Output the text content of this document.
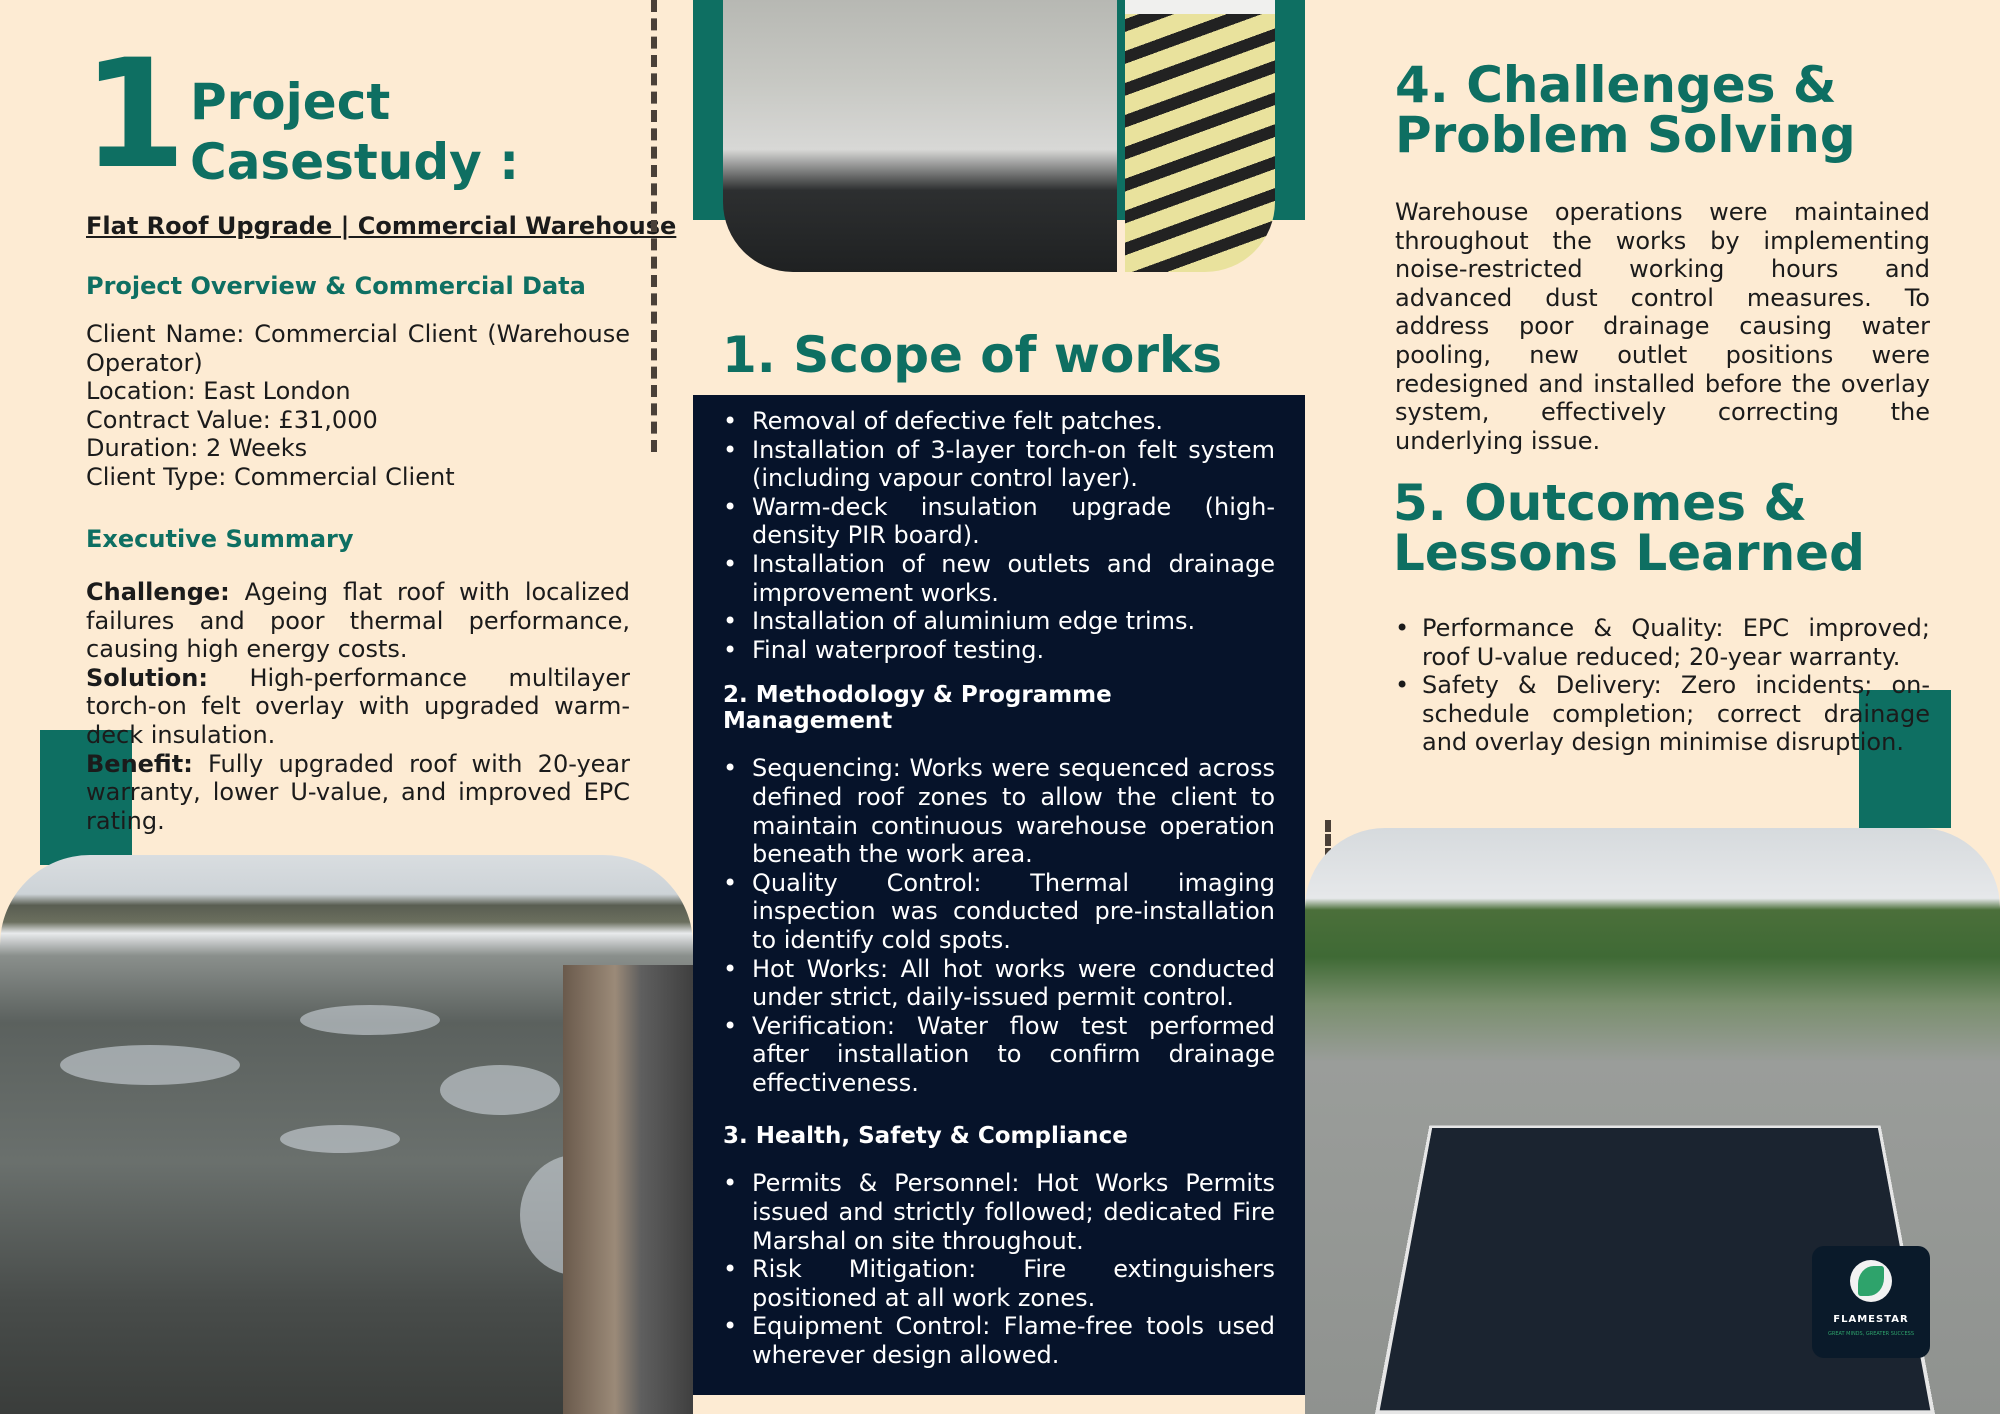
1 Project
Casestudy :
Flat Roof Upgrade | Commercial Warehouse
Project Overview & Commercial Data

Client Name: Commercial Client (Warehouse Operator)

Location: East London

Contract Value: £31,000

Duration: 2 Weeks

Client Type: Commercial Client

Executive Summary

Challenge: Ageing flat roof with localized failures and poor thermal performance, causing high energy costs.

Solution: High-performance multilayer torch-on felt overlay with upgraded warm-deck insulation.

Benefit: Fully upgraded roof with 20-year warranty, lower U-value, and improved EPC rating.

1. Scope of works
• Removal of defective felt patches.
• Installation of 3-layer torch-on felt system (including vapour control layer).
• Warm-deck insulation upgrade (high-density PIR board).
• Installation of new outlets and drainage improvement works.
• Installation of aluminium edge trims.
• Final waterproof testing.
2. Methodology & Programme Management
• Sequencing: Works were sequenced across defined roof zones to allow the client to maintain continuous warehouse operation beneath the work area.
• Quality Control: Thermal imaging inspection was conducted pre-installation to identify cold spots.
• Hot Works: All hot works were conducted under strict, daily-issued permit control.
• Verification: Water flow test performed after installation to confirm drainage effectiveness.
3. Health, Safety & Compliance
• Permits & Personnel: Hot Works Permits issued and strictly followed; dedicated Fire Marshal on site throughout.
• Risk Mitigation: Fire extinguishers positioned at all work zones.
• Equipment Control: Flame-free tools used wherever design allowed.
4. Challenges &
Problem Solving
Warehouse operations were maintained throughout the works by implementing noise-restricted working hours and advanced dust control measures. To address poor drainage causing water pooling, new outlet positions were redesigned and installed before the overlay system, effectively correcting the underlying issue.
5. Outcomes &
Lessons Learned
• Performance & Quality: EPC improved; roof U-value reduced; 20-year warranty.
• Safety & Delivery: Zero incidents; on-schedule completion; correct drainage and overlay design minimise disruption.
FLAMESTAR
GREAT MINDS, GREATER SUCCESS
